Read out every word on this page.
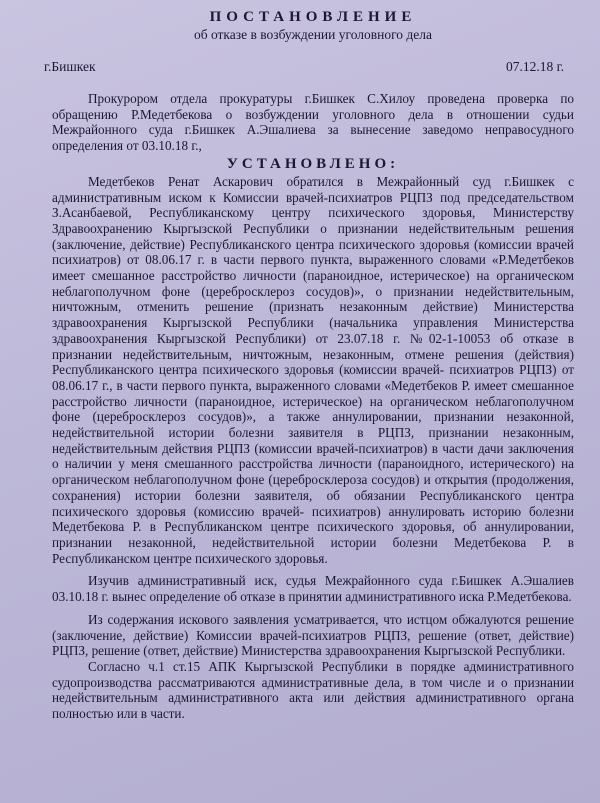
ПОСТАНОВЛЕНИЕ
об отказе в возбуждении уголовного дела
г.Бишкек	07.12.18 г.

Прокурором отдела прокуратуры г.Бишкек С.Хилоу проведена проверка по обращению Р.Медетбекова о возбуждении уголовного дела в отношении судьи Межрайонного суда г.Бишкек А.Эшалиева за вынесение заведомо неправосудного определения от 03.10.18 г.,

УСТАНОВЛЕНО:

Медетбеков Ренат Аскарович обратился в Межрайонный суд г.Бишкек с административным иском к Комиссии врачей-психиатров РЦПЗ под председательством З.Асанбаевой, Республиканскому центру психического здоровья, Министерству Здравоохранению Кыргызской Республики о признании недействительным решения (заключение, действие) Республиканского центра психического здоровья (комиссии врачей психиатров) от 08.06.17 г. в части первого пункта, выраженного словами «Р.Медетбеков имеет смешанное расстройство личности (параноидное, истерическое) на органическом неблагополучном фоне (церебросклероз сосудов)», о признании недействительным, ничтожным, отменить решение (признать незаконным действие) Министерства здравоохранения Кыргызской Республики (начальника управления Министерства здравоохранения Кыргызской Республики) от 23.07.18 г. №02-1-10053 об отказе в признании недействительным, ничтожным, незаконным, отмене решения (действия) Республиканского центра психического здоровья (комиссии врачей- психиатров РЦПЗ) от 08.06.17 г., в части первого пункта, выраженного словами «Медетбеков Р. имеет смешанное расстройство личности (параноидное, истерическое) на органическом неблагополучном фоне (церебросклероз сосудов)», а также аннулировании, признании незаконной, недействительной истории болезни заявителя в РЦПЗ, признании незаконным, недействительным действия РЦПЗ (комиссии врачей-психиатров) в части дачи заключения о наличии у меня смешанного расстройства личности (параноидного, истерического) на органическом неблагополучном фоне (церебросклероза сосудов) и открытия (продолжения, сохранения) истории болезни заявителя, об обязании Республиканского центра психического здоровья (комиссию врачей- психиатров) аннулировать историю болезни Медетбекова Р. в Республиканском центре психического здоровья, об аннулировании, признании незаконной, недействительной истории болезни Медетбекова Р. в Республиканском центре психического здоровья.

Изучив административный иск, судья Межрайонного суда г.Бишкек А.Эшалиев 03.10.18 г. вынес определение об отказе в принятии административного иска Р.Медетбекова.

Из содержания искового заявления усматривается, что истцом обжалуются решение (заключение, действие) Комиссии врачей-психиатров РЦПЗ, решение (ответ, действие) РЦПЗ, решение (ответ, действие) Министерства здравоохранения Кыргызской Республики.

Согласно ч.1 ст.15 АПК Кыргызской Республики в порядке административного судопроизводства рассматриваются административные дела, в том числе и о признании недействительным административного акта или действия административного органа полностью или в части.
